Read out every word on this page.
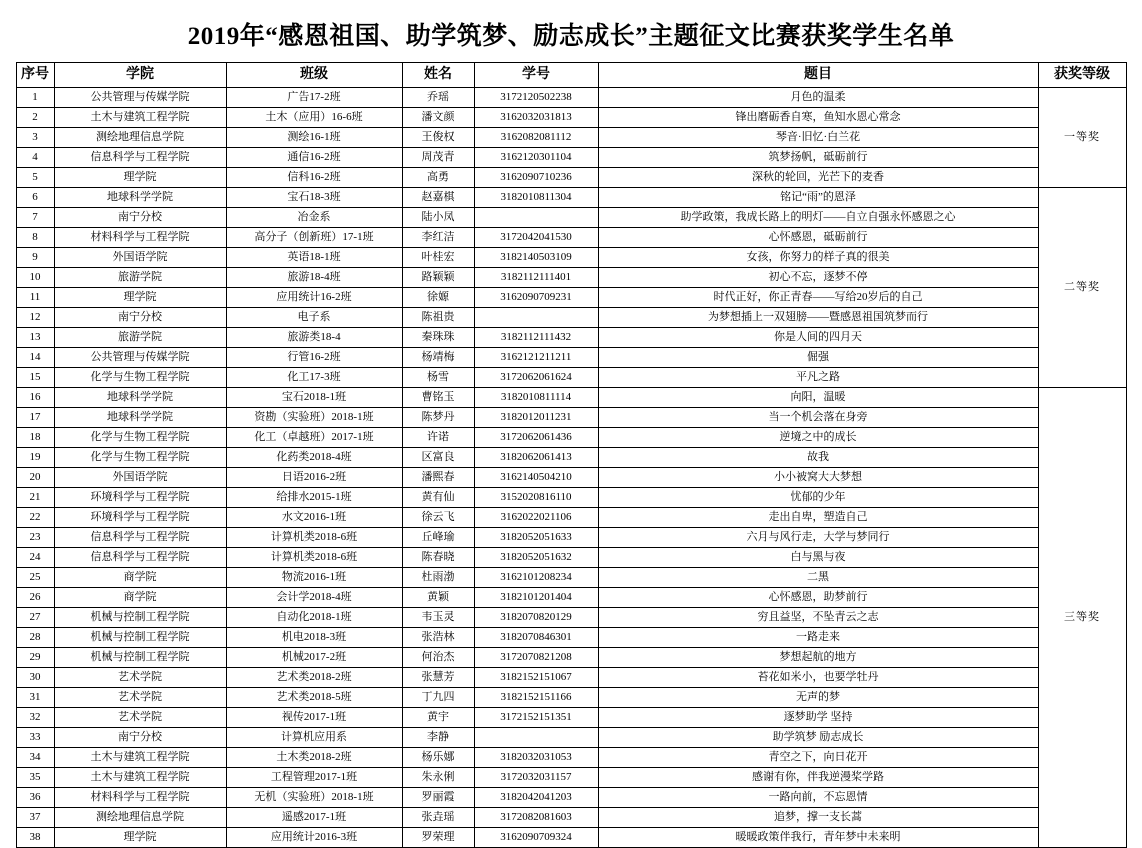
2019年“感恩祖国、助学筑梦、励志成长”主题征文比赛获奖学生名单
序号	学院	班级	姓名	学号	题目	获奖等级
1	公共管理与传媒学院	广告17-2班	乔瑶	3172120502238	月色的温柔	一等奖
2	土木与建筑工程学院	土木（应用）16-6班	潘文颜	3162032031813	锋出磨砺香自寒，鱼知水恩心常念	
3	测绘地理信息学院	测绘16-1班	王俊权	3162082081112	琴音·旧忆·白兰花	
4	信息科学与工程学院	通信16-2班	周茂青	3162120301104	筑梦扬帆，砥砺前行	
5	理学院	信科16-2班	高勇	3162090710236	深秋的轮回，光芒下的麦香	
6	地球科学学院	宝石18-3班	赵嘉棋	3182010811304	铭记“雨”的恩泽	二等奖
7	南宁分校	冶金系	陆小凤		助学政策，我成长路上的明灯——自立自强永怀感恩之心	
8	材料科学与工程学院	高分子（创新班）17-1班	李红洁	3172042041530	心怀感恩，砥砺前行	
9	外国语学院	英语18-1班	叶桂宏	3182140503109	女孩，你努力的样子真的很美	
10	旅游学院	旅游18-4班	路颖颖	3182112111401	初心不忘，逐梦不停	
11	理学院	应用统计16-2班	徐嫄	3162090709231	时代正好，你正青春——写给20岁后的自己	
12	南宁分校	电子系	陈祖贵		为梦想插上一双翅膀——暨感恩祖国筑梦而行	
13	旅游学院	旅游类18-4	秦珠珠	3182112111432	你是人间的四月天	
14	公共管理与传媒学院	行管16-2班	杨靖梅	3162121211211	倔强	
15	化学与生物工程学院	化工17-3班	杨雪	3172062061624	平凡之路	
16	地球科学学院	宝石2018-1班	曹铭玉	3182010811114	向阳，温暖	三等奖
17	地球科学学院	资勘（实验班）2018-1班	陈梦丹	3182012011231	当一个机会落在身旁	
18	化学与生物工程学院	化工（卓越班）2017-1班	许诺	3172062061436	逆境之中的成长	
19	化学与生物工程学院	化药类2018-4班	区富良	3182062061413	故我	
20	外国语学院	日语2016-2班	潘熙春	3162140504210	小小被窝大大梦想	
21	环境科学与工程学院	给排水2015-1班	黄有仙	3152020816110	忧郁的少年	
22	环境科学与工程学院	水文2016-1班	徐云飞	3162022021106	走出自卑，塑造自己	
23	信息科学与工程学院	计算机类2018-6班	丘峰瑜	3182052051633	六月与风行走，大学与梦同行	
24	信息科学与工程学院	计算机类2018-6班	陈春晓	3182052051632	白与黑与夜	
25	商学院	物流2016-1班	杜雨渤	3162101208234	二黑	
26	商学院	会计学2018-4班	黄颖	3182101201404	心怀感恩，助梦前行	
27	机械与控制工程学院	自动化2018-1班	韦玉灵	3182070820129	穷且益坚，不坠青云之志	
28	机械与控制工程学院	机电2018-3班	张浩林	3182070846301	一路走来	
29	机械与控制工程学院	机械2017-2班	何治杰	3172070821208	梦想起航的地方	
30	艺术学院	艺术类2018-2班	张慧芳	3182152151067	苔花如米小，也要学牡丹	
31	艺术学院	艺术类2018-5班	丁九四	3182152151166	无声的梦	
32	艺术学院	视传2017-1班	黄宇	3172152151351	逐梦助学 坚持	
33	南宁分校	计算机应用系	李静		助学筑梦 励志成长	
34	土木与建筑工程学院	土木类2018-2班	杨乐娜	3182032031053	青空之下，向日花开	
35	土木与建筑工程学院	工程管理2017-1班	朱永俐	3172032031157	感谢有你，伴我逆漫桨学路	
36	材料科学与工程学院	无机（实验班）2018-1班	罗丽霞	3182042041203	一路向前，不忘恩情	
37	测绘地理信息学院	遥感2017-1班	张垚瑶	3172082081603	追梦，撑一支长蒿	
38	理学院	应用统计2016-3班	罗荣理	3162090709324	暖暖政策伴我行，青年梦中未来明	
